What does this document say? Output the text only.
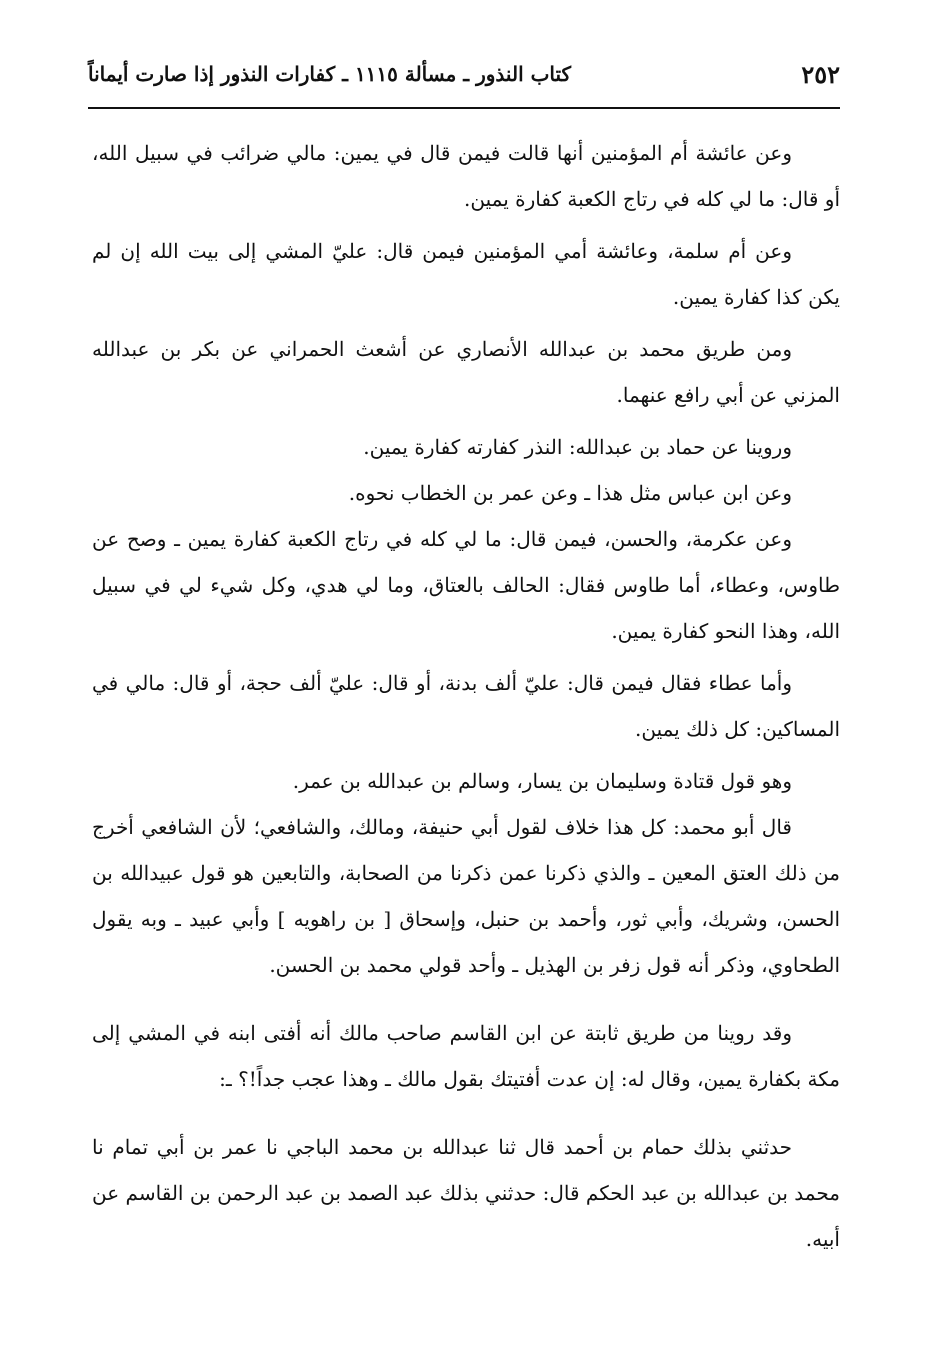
٢٥٢
كتاب النذور ـ مسألة ١١١٥ ـ كفارات النذور إذا صارت أيماناً

وعن عائشة أم المؤمنين أنها قالت فيمن قال في يمين: مالي ضرائب في سبيل الله، أو قال: ما لي كله في رتاج الكعبة كفارة يمين.

وعن أم سلمة، وعائشة أمي المؤمنين فيمن قال: عليّ المشي إلى بيت الله إن لم يكن كذا كفارة يمين.

ومن طريق محمد بن عبدالله الأنصاري عن أشعث الحمراني عن بكر بن عبدالله المزني عن أبي رافع عنهما.

وروينا عن حماد بن عبدالله: النذر كفارته كفارة يمين.

وعن ابن عباس مثل هذا ـ وعن عمر بن الخطاب نحوه.

وعن عكرمة، والحسن، فيمن قال: ما لي كله في رتاج الكعبة كفارة يمين ـ وصح عن طاوس، وعطاء، أما طاوس فقال: الحالف بالعتاق، وما لي هدي، وكل شيء لي في سبيل الله، وهذا النحو كفارة يمين.

وأما عطاء فقال فيمن قال: عليّ ألف بدنة، أو قال: عليّ ألف حجة، أو قال: مالي في المساكين: كل ذلك يمين.

وهو قول قتادة وسليمان بن يسار، وسالم بن عبدالله بن عمر.

قال أبو محمد: كل هذا خلاف لقول أبي حنيفة، ومالك، والشافعي؛ لأن الشافعي أخرج من ذلك العتق المعين ـ والذي ذكرنا عمن ذكرنا من الصحابة، والتابعين هو قول عبيدالله بن الحسن، وشريك، وأبي ثور، وأحمد بن حنبل، وإسحاق [ بن راهويه ] وأبي عبيد ـ وبه يقول الطحاوي، وذكر أنه قول زفر بن الهذيل ـ وأحد قولي محمد بن الحسن.

وقد روينا من طريق ثابتة عن ابن القاسم صاحب مالك أنه أفتى ابنه في المشي إلى مكة بكفارة يمين، وقال له: إن عدت أفتيتك بقول مالك ـ وهذا عجب جداً!؟ ـ:

حدثني بذلك حمام بن أحمد قال ثنا عبدالله بن محمد الباجي نا عمر بن أبي تمام نا محمد بن عبدالله بن عبد الحكم قال: حدثني بذلك عبد الصمد بن عبد الرحمن بن القاسم عن أبيه.
